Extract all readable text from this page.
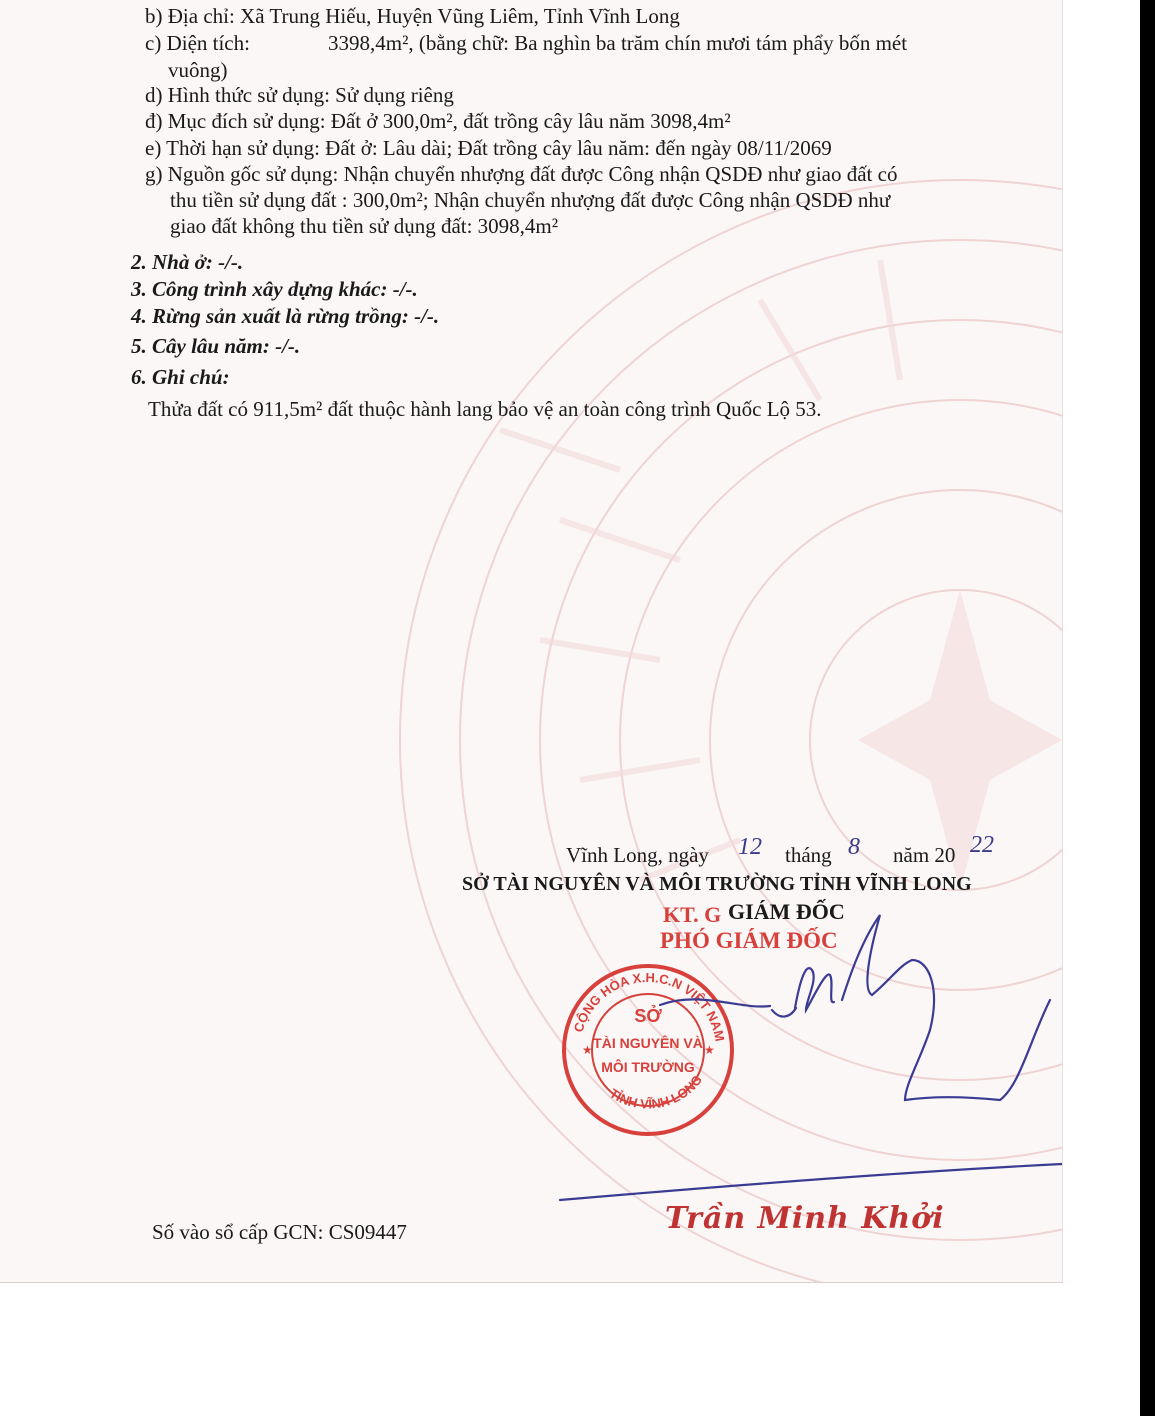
b) Địa chỉ: Xã Trung Hiếu, Huyện Vũng Liêm, Tỉnh Vĩnh Long
c) Diện tích:	3398,4m², (bằng chữ: Ba nghìn ba trăm chín mươi tám phẩy bốn mét
vuông)
d) Hình thức sử dụng: Sử dụng riêng
đ) Mục đích sử dụng: Đất ở 300,0m², đất trồng cây lâu năm 3098,4m²
e) Thời hạn sử dụng: Đất ở: Lâu dài; Đất trồng cây lâu năm: đến ngày 08/11/2069
g) Nguồn gốc sử dụng: Nhận chuyển nhượng đất được Công nhận QSDĐ như giao đất có
thu tiền sử dụng đất : 300,0m²; Nhận chuyển nhượng đất được Công nhận QSDĐ như
giao đất không thu tiền sử dụng đất: 3098,4m²
2. Nhà ở: -/-.
3. Công trình xây dựng khác: -/-.
4. Rừng sản xuất là rừng trồng: -/-.
5. Cây lâu năm: -/-.
6. Ghi chú:
Thửa đất có 911,5m² đất thuộc hành lang bảo vệ an toàn công trình Quốc Lộ 53.
Vĩnh Long, ngày 12 tháng 8 năm 20 22
SỞ TÀI NGUYÊN VÀ MÔI TRƯỜNG TỈNH VĨNH LONG
KT. G GIÁM ĐỐC
PHÓ GIÁM ĐỐC
CỘNG HÒA X.H.C.N VIỆT NAM
TỈNH VĨNH LONG
SỞ
TÀI NGUYÊN VÀ
MÔI TRƯỜNG
★	★
Trần Minh Khởi
Số vào sổ cấp GCN: CS09447
